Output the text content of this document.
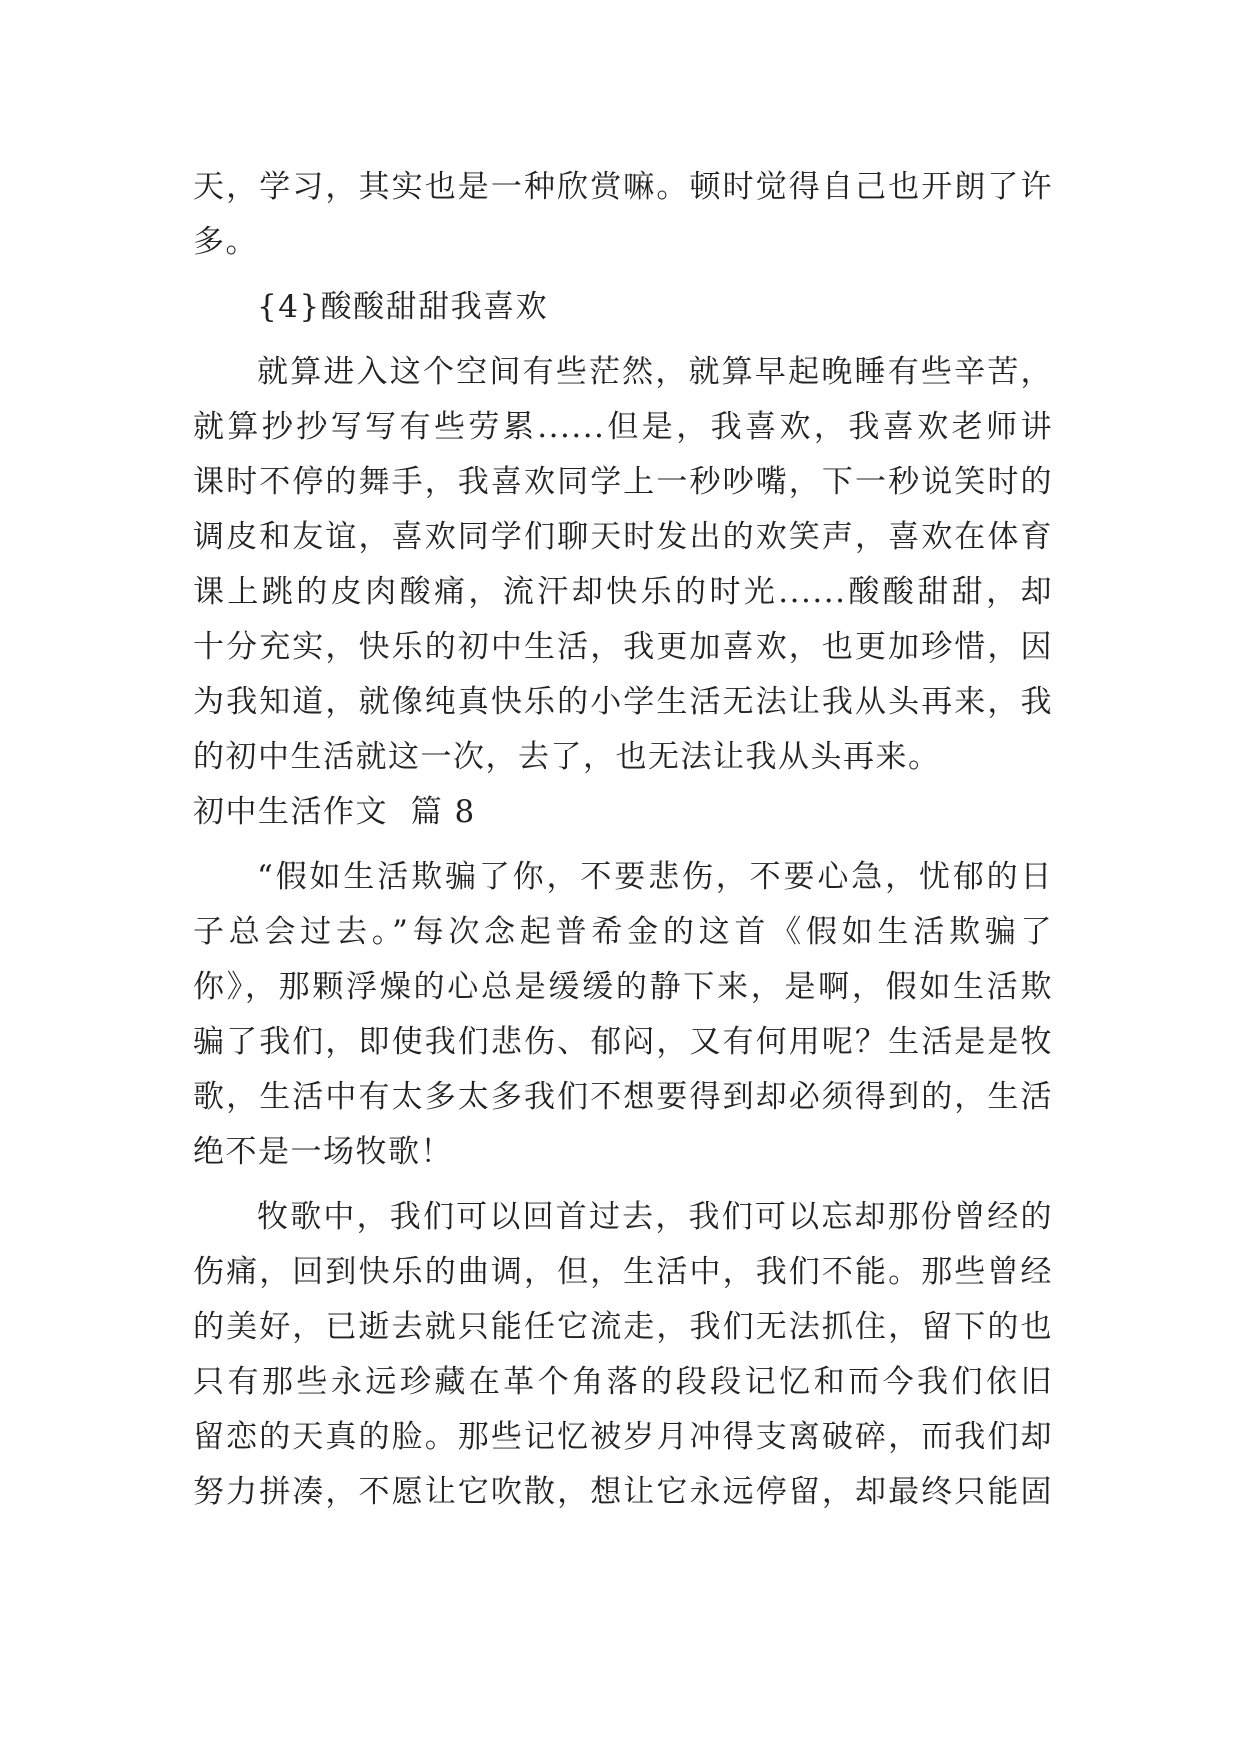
天，学习，其实也是一种欣赏嘛。顿时觉得自己也开朗了许
多。
{4}酸酸甜甜我喜欢
就算进入这个空间有些茫然，就算早起晚睡有些辛苦，
就算抄抄写写有些劳累......但是，我喜欢，我喜欢老师讲
课时不停的舞手，我喜欢同学上一秒吵嘴，下一秒说笑时的
调皮和友谊，喜欢同学们聊天时发出的欢笑声，喜欢在体育
课上跳的皮肉酸痛，流汗却快乐的时光......酸酸甜甜，却
十分充实，快乐的初中生活，我更加喜欢，也更加珍惜，因
为我知道，就像纯真快乐的小学生活无法让我从头再来，我
的初中生活就这一次，去了，也无法让我从头再来。
初中生活作文  篇 8
“假如生活欺骗了你，不要悲伤，不要心急，忧郁的日
子总会过去。”每次念起普希金的这首《假如生活欺骗了
你》，那颗浮燥的心总是缓缓的静下来，是啊，假如生活欺
骗了我们，即使我们悲伤、郁闷，又有何用呢？生活是是牧
歌，生活中有太多太多我们不想要得到却必须得到的，生活
绝不是一场牧歌！
牧歌中，我们可以回首过去，我们可以忘却那份曾经的
伤痛，回到快乐的曲调，但，生活中，我们不能。那些曾经
的美好，已逝去就只能任它流走，我们无法抓住，留下的也
只有那些永远珍藏在革个角落的段段记忆和而今我们依旧
留恋的天真的脸。那些记忆被岁月冲得支离破碎，而我们却
努力拼凑，不愿让它吹散，想让它永远停留，却最终只能固
